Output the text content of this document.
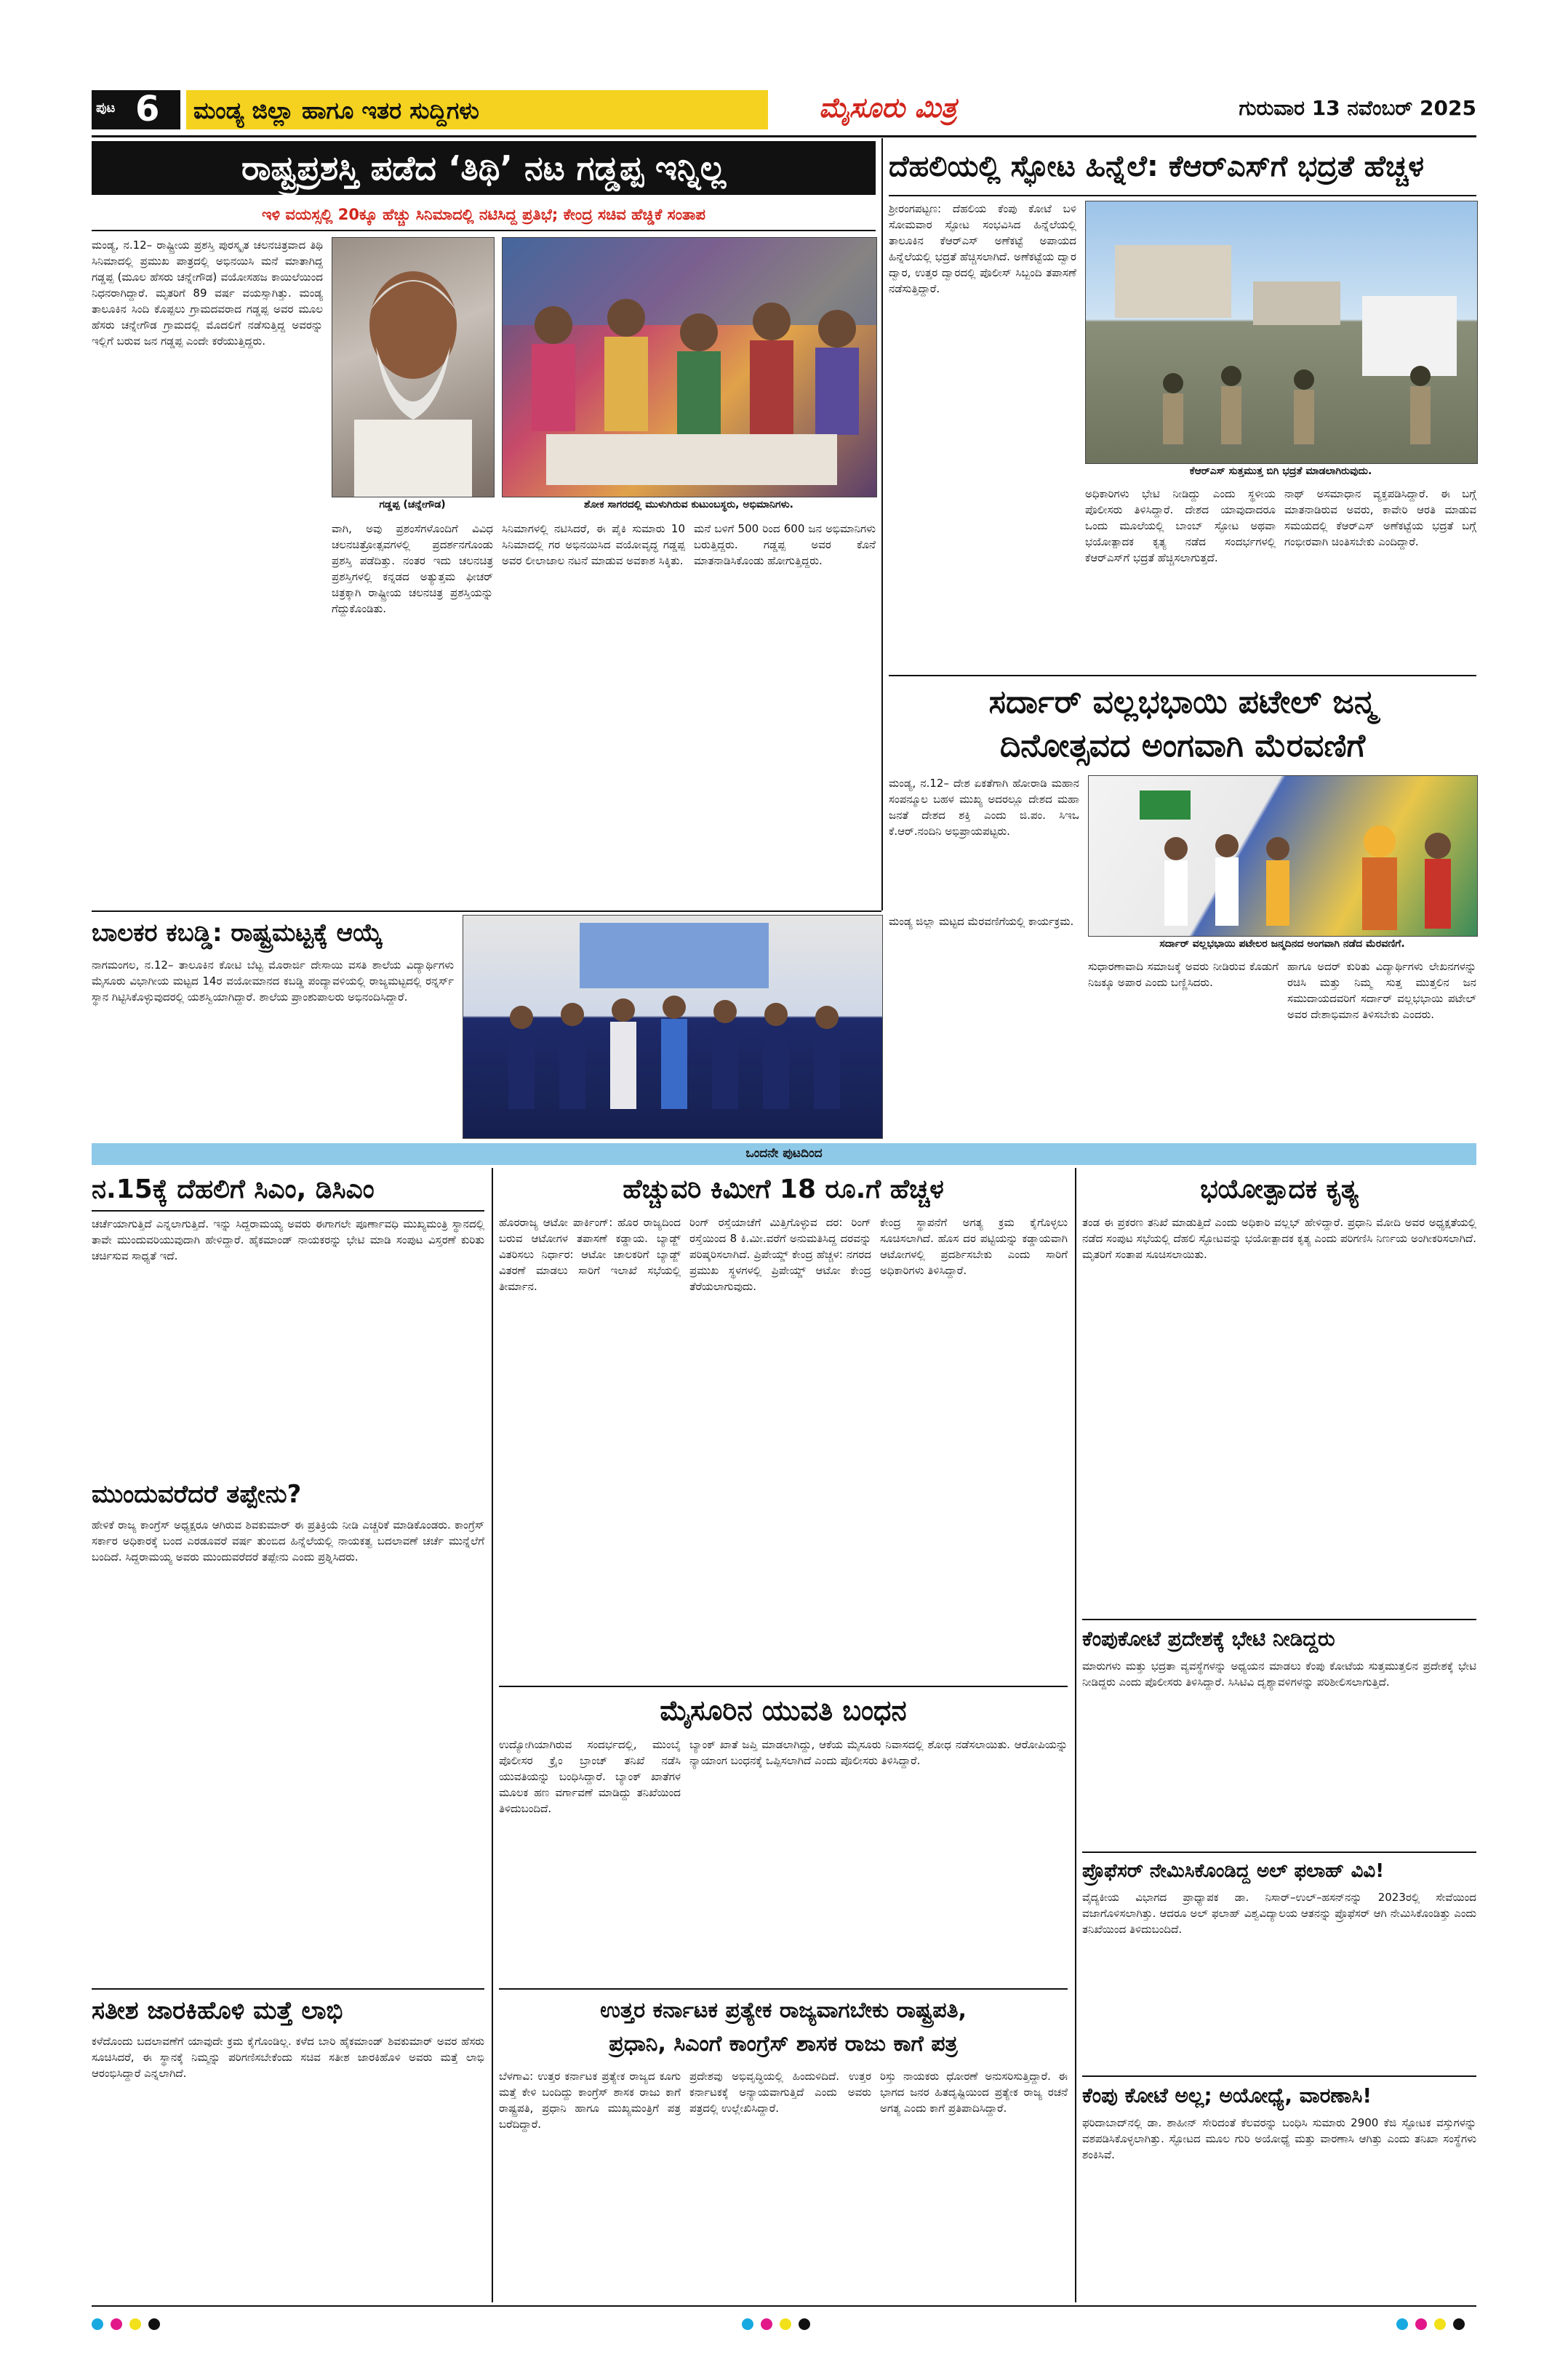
ಪುಟ 6 ಮಂಡ್ಯ ಜಿಲ್ಲಾ ಹಾಗೂ ಇತರ ಸುದ್ದಿಗಳು	ಮೈಸೂರು ಮಿತ್ರ	ಗುರುವಾರ 13 ನವೆಂಬರ್ 2025
ರಾಷ್ಟ್ರಪ್ರಶಸ್ತಿ ಪಡೆದ ‘ತಿಥಿ’ ನಟ ಗಡ್ಡಪ್ಪ ಇನ್ನಿಲ್ಲ
ಇಳಿ ವಯಸ್ಸಲ್ಲಿ 20ಕ್ಕೂ ಹೆಚ್ಚು ಸಿನಿಮಾದಲ್ಲಿ ನಟಿಸಿದ್ದ ಪ್ರತಿಭೆ; ಕೇಂದ್ರ ಸಚಿವ ಹೆಚ್ಡಿಕೆ ಸಂತಾಪ
ಮಂಡ್ಯ, ನ.12– ರಾಷ್ಟ್ರೀಯ ಪ್ರಶಸ್ತಿ ಪುರಸ್ಕೃತ ಚಲನಚಿತ್ರವಾದ ತಿಥಿ ಸಿನಿಮಾದಲ್ಲಿ ಪ್ರಮುಖ ಪಾತ್ರದಲ್ಲಿ ಅಭಿನಯಿಸಿ ಮನೆ ಮಾತಾಗಿದ್ದ ಗಡ್ಡಪ್ಪ (ಮೂಲ ಹೆಸರು ಚನ್ನೇಗೌಡ) ವಯೋಸಹಜ ಕಾಯಿಲೆಯಿಂದ ನಿಧನರಾಗಿದ್ದಾರೆ. ಮೃತರಿಗೆ 89 ವರ್ಷ ವಯಸ್ಸಾಗಿತ್ತು. ಮಂಡ್ಯ ತಾಲೂಕಿನ ಸಿಂದಿ ಕೊಪ್ಪಲು ಗ್ರಾಮದವರಾದ ಗಡ್ಡಪ್ಪ ಅವರ ಮೂಲ ಹೆಸರು ಚನ್ನೇಗೌಡ ಗ್ರಾಮದಲ್ಲಿ ಮೊದಲಿಗೆ ನಡೆಸುತ್ತಿದ್ದ ಅವರನ್ನು ಇಲ್ಲಿಗೆ ಬರುವ ಜನ ಗಡ್ಡಪ್ಪ ಎಂದೇ ಕರೆಯುತ್ತಿದ್ದರು.
ಗಡ್ಡಪ್ಪ (ಚನ್ನೇಗೌಡ)	ಶೋಕ ಸಾಗರದಲ್ಲಿ ಮುಳುಗಿರುವ ಕುಟುಂಬಸ್ಥರು, ಅಭಿಮಾನಿಗಳು.
ವಾಗಿ, ಅವು ಪ್ರಶಂಸೆಗಳೊಂದಿಗೆ ವಿವಿಧ ಚಲನಚಿತ್ರೋತ್ಸವಗಳಲ್ಲಿ ಪ್ರದರ್ಶನಗೊಂಡು ಪ್ರಶಸ್ತಿ ಪಡೆದಿತ್ತು. ನಂತರ ಇದು ಚಲನಚಿತ್ರ ಪ್ರಶಸ್ತಿಗಳಲ್ಲಿ ಕನ್ನಡದ ಅತ್ಯುತ್ತಮ ಫೀಚರ್ ಚಿತ್ರಕ್ಕಾಗಿ ರಾಷ್ಟ್ರೀಯ ಚಲನಚಿತ್ರ ಪ್ರಶಸ್ತಿಯನ್ನು ಗೆದ್ದುಕೊಂಡಿತು.
ಸಿನಿಮಾಗಳಲ್ಲಿ ನಟಿಸಿದರೆ, ಈ ಪೈಕಿ ಸುಮಾರು 10 ಸಿನಿಮಾದಲ್ಲಿ ಗರ ಅಭಿನಯಿಸಿದ ವಯೋವೃದ್ಧ ಗಡ್ಡಪ್ಪ ಅವರ ಲೀಲಾಜಾಲ ನಟನೆ ಮಾಡುವ ಅವಕಾಶ ಸಿಕ್ಕಿತು.
ಮನೆ ಬಳಿಗೆ 500 ರಿಂದ 600 ಜನ ಅಭಿಮಾನಿಗಳು ಬರುತ್ತಿದ್ದರು. ಗಡ್ಡಪ್ಪ ಅವರ ಕೊನೆ ಮಾತನಾಡಿಸಿಕೊಂಡು ಹೋಗುತ್ತಿದ್ದರು.
ದೆಹಲಿಯಲ್ಲಿ ಸ್ಫೋಟ ಹಿನ್ನೆಲೆ: ಕೆಆರ್‌ಎಸ್‌ಗೆ ಭದ್ರತೆ ಹೆಚ್ಚಳ
ಶ್ರೀರಂಗಪಟ್ಟಣ: ದೆಹಲಿಯ ಕೆಂಪು ಕೋಟೆ ಬಳಿ ಸೋಮವಾರ ಸ್ಫೋಟ ಸಂಭವಿಸಿದ ಹಿನ್ನೆಲೆಯಲ್ಲಿ ತಾಲೂಕಿನ ಕೆಆರ್‌ಎಸ್ ಅಣೆಕಟ್ಟೆ ಅಪಾಯದ ಹಿನ್ನೆಲೆಯಲ್ಲಿ ಭದ್ರತೆ ಹೆಚ್ಚಿಸಲಾಗಿದೆ. ಅಣೆಕಟ್ಟೆಯ ದ್ವಾರ ದ್ವಾರ, ಉತ್ತರ ದ್ವಾರದಲ್ಲಿ ಪೊಲೀಸ್ ಸಿಬ್ಬಂದಿ ತಪಾಸಣೆ ನಡೆಸುತ್ತಿದ್ದಾರೆ.
ಕೆಆರ್‌ಎಸ್ ಸುತ್ತಮುತ್ತ ಬಿಗಿ ಭದ್ರತೆ ಮಾಡಲಾಗಿರುವುದು.
ಅಧಿಕಾರಿಗಳು ಭೇಟಿ ನೀಡಿದ್ದು ಎಂದು ಸ್ಥಳೀಯ ಪೊಲೀಸರು ತಿಳಿಸಿದ್ದಾರೆ. ದೇಶದ ಯಾವುದಾದರೂ ಒಂದು ಮೂಲೆಯಲ್ಲಿ ಬಾಂಬ್ ಸ್ಫೋಟ ಅಥವಾ ಭಯೋತ್ಪಾದಕ ಕೃತ್ಯ ನಡೆದ ಸಂದರ್ಭಗಳಲ್ಲಿ ಕೆಆರ್‌ಎಸ್‌ಗೆ ಭದ್ರತೆ ಹೆಚ್ಚಿಸಲಾಗುತ್ತದೆ.
ನಾಥ್ ಅಸಮಾಧಾನ ವ್ಯಕ್ತಪಡಿಸಿದ್ದಾರೆ. ಈ ಬಗ್ಗೆ ಮಾತನಾಡಿರುವ ಅವರು, ಕಾವೇರಿ ಆರತಿ ಮಾಡುವ ಸಮಯದಲ್ಲಿ ಕೆಆರ್‌ಎಸ್ ಅಣೆಕಟ್ಟೆಯ ಭದ್ರತೆ ಬಗ್ಗೆ ಗಂಭೀರವಾಗಿ ಚಿಂತಿಸಬೇಕು ಎಂದಿದ್ದಾರೆ.
ಸರ್ದಾರ್ ವಲ್ಲಭಭಾಯಿ ಪಟೇಲ್ ಜನ್ಮ
ದಿನೋತ್ಸವದ ಅಂಗವಾಗಿ ಮೆರವಣಿಗೆ
ಮಂಡ್ಯ, ನ.12– ದೇಶ ಏಕತೆಗಾಗಿ ಹೋರಾಡಿ ಮಹಾನ ಸಂಪನ್ಮೂಲ ಬಹಳ ಮುಖ್ಯ ಅದರಲ್ಲೂ ದೇಶದ ಮಹಾ ಜನತೆ ದೇಶದ ಶಕ್ತಿ ಎಂದು ಜಿ.ಪಂ. ಸಿಇಒ ಕೆ.ಆರ್.ನಂದಿನಿ ಅಭಿಪ್ರಾಯಪಟ್ಟರು.
ಸರ್ದಾರ್ ವಲ್ಲಭಭಾಯಿ ಪಟೇಲರ ಜನ್ಮದಿನದ ಅಂಗವಾಗಿ ನಡೆದ ಮೆರವಣಿಗೆ.
ಮಂಡ್ಯ ಜಿಲ್ಲಾ ಮಟ್ಟದ ಮೆರವಣಿಗೆಯಲ್ಲಿ ಕಾರ್ಯಕ್ರಮ.
ಸುಧಾರಣಾವಾದಿ ಸಮಾಜಕ್ಕೆ ಅವರು ನೀಡಿರುವ ಕೊಡುಗೆ ನಿಜಕ್ಕೂ ಅಪಾರ ಎಂದು ಬಣ್ಣಿಸಿದರು.
ಹಾಗೂ ಅದರ್ ಕುರಿತು ವಿದ್ಯಾರ್ಥಿಗಳು ಲೇಖನಗಳನ್ನು ರಚಿಸಿ ಮತ್ತು ನಿಮ್ಮ ಸುತ್ತ ಮುತ್ತಲಿನ ಜನ ಸಮುದಾಯದವರಿಗೆ ಸರ್ದಾರ್ ವಲ್ಲಭಭಾಯಿ ಪಟೇಲ್ ಅವರ ದೇಶಾಭಿಮಾನ ತಿಳಿಸಬೇಕು ಎಂದರು.
ಬಾಲಕರ ಕಬಡ್ಡಿ: ರಾಷ್ಟ್ರಮಟ್ಟಕ್ಕೆ ಆಯ್ಕೆ
ನಾಗಮಂಗಲ, ನ.12– ತಾಲೂಕಿನ ಕೋಟಿ ಬೆಟ್ಟ ಮೊರಾರ್ಜಿ ದೇಸಾಯಿ ವಸತಿ ಶಾಲೆಯ ವಿದ್ಯಾರ್ಥಿಗಳು ಮೈಸೂರು ವಿಭಾಗೀಯ ಮಟ್ಟದ 14ರ ವಯೋಮಾನದ ಕಬಡ್ಡಿ ಪಂದ್ಯಾವಳಿಯಲ್ಲಿ ರಾಜ್ಯಮಟ್ಟದಲ್ಲಿ ರನ್ನರ್ಸ್ ಸ್ಥಾನ ಗಿಟ್ಟಿಸಿಕೊಳ್ಳುವುದರಲ್ಲಿ ಯಶಸ್ವಿಯಾಗಿದ್ದಾರೆ. ಶಾಲೆಯ ಪ್ರಾಂಶುಪಾಲರು ಅಭಿನಂದಿಸಿದ್ದಾರೆ.
ಒಂದನೇ ಪುಟದಿಂದ
ನ.15ಕ್ಕೆ ದೆಹಲಿಗೆ ಸಿಎಂ, ಡಿಸಿಎಂ
ಚರ್ಚೆಯಾಗುತ್ತಿದೆ ಎನ್ನಲಾಗುತ್ತಿದೆ. ಇನ್ನು ಸಿದ್ದರಾಮಯ್ಯ ಅವರು ಈಗಾಗಲೇ ಪೂರ್ಣಾವಧಿ ಮುಖ್ಯಮಂತ್ರಿ ಸ್ಥಾನದಲ್ಲಿ ತಾವೇ ಮುಂದುವರಿಯುವುದಾಗಿ ಹೇಳಿದ್ದಾರೆ. ಹೈಕಮಾಂಡ್ ನಾಯಕರನ್ನು ಭೇಟಿ ಮಾಡಿ ಸಂಪುಟ ವಿಸ್ತರಣೆ ಕುರಿತು ಚರ್ಚಿಸುವ ಸಾಧ್ಯತೆ ಇದೆ.
ಮುಂದುವರೆದರೆ ತಪ್ಪೇನು?
ಹೇಳಿಕೆ ರಾಜ್ಯ ಕಾಂಗ್ರೆಸ್ ಅಧ್ಯಕ್ಷರೂ ಆಗಿರುವ ಶಿವಕುಮಾರ್ ಈ ಪ್ರತಿಕ್ರಿಯೆ ನೀಡಿ ಎಚ್ಚರಿಕೆ ಮಾಡಿಕೊಂಡರು. ಕಾಂಗ್ರೆಸ್ ಸರ್ಕಾರ ಅಧಿಕಾರಕ್ಕೆ ಬಂದ ಎರಡೂವರೆ ವರ್ಷ ತುಂಬಿದ ಹಿನ್ನೆಲೆಯಲ್ಲಿ ನಾಯಕತ್ವ ಬದಲಾವಣೆ ಚರ್ಚೆ ಮುನ್ನೆಲೆಗೆ ಬಂದಿದೆ. ಸಿದ್ದರಾಮಯ್ಯ ಅವರು ಮುಂದುವರೆದರೆ ತಪ್ಪೇನು ಎಂದು ಪ್ರಶ್ನಿಸಿದರು.
ಸತೀಶ ಜಾರಕಿಹೊಳಿ ಮತ್ತೆ ಲಾಭಿ
ಕಳೆದೊಂದು ಬದಲಾವಣೆಗೆ ಯಾವುದೇ ಕ್ರಮ ಕೈಗೊಂಡಿಲ್ಲ. ಕಳೆದ ಬಾರಿ ಹೈಕಮಾಂಡ್ ಶಿವಕುಮಾರ್ ಅವರ ಹೆಸರು ಸೂಚಿಸಿದರೆ, ಈ ಸ್ಥಾನಕ್ಕೆ ನಿಮ್ಮನ್ನು ಪರಿಗಣಿಸಬೇಕೆಂದು ಸಚಿವ ಸತೀಶ ಜಾರಕಿಹೊಳಿ ಅವರು ಮತ್ತೆ ಲಾಭಿ ಆರಂಭಿಸಿದ್ದಾರೆ ಎನ್ನಲಾಗಿದೆ.
ಹೆಚ್ಚುವರಿ ಕಿಮೀಗೆ 18 ರೂ.ಗೆ ಹೆಚ್ಚಳ
ಹೊರರಾಜ್ಯ ಆಟೋ ಪಾರ್ಕಿಂಗ್: ಹೊರ ರಾಜ್ಯದಿಂದ ಬರುವ ಆಟೋಗಳ ತಪಾಸಣೆ ಕಡ್ಡಾಯ. ಬ್ಯಾಡ್ಜ್ ವಿತರಿಸಲು ನಿರ್ಧಾರ: ಆಟೋ ಚಾಲಕರಿಗೆ ಬ್ಯಾಡ್ಜ್ ವಿತರಣೆ ಮಾಡಲು ಸಾರಿಗೆ ಇಲಾಖೆ ಸಭೆಯಲ್ಲಿ ತೀರ್ಮಾನ.
ರಿಂಗ್ ರಸ್ತೆಯಾಚೆಗೆ ಮಿತ್ತಿಗೊಳ್ಳುವ ದರ: ರಿಂಗ್ ರಸ್ತೆಯಿಂದ 8 ಕಿ.ಮೀ.ವರೆಗೆ ಅನುಮತಿಸಿದ್ದ ದರವನ್ನು ಪರಿಷ್ಕರಿಸಲಾಗಿದೆ. ಪ್ರಿಪೇಯ್ಡ್ ಕೇಂದ್ರ ಹೆಚ್ಚಳ: ನಗರದ ಪ್ರಮುಖ ಸ್ಥಳಗಳಲ್ಲಿ ಪ್ರಿಪೇಯ್ಡ್ ಆಟೋ ಕೇಂದ್ರ ತೆರೆಯಲಾಗುವುದು.
ಕೇಂದ್ರ ಸ್ಥಾಪನೆಗೆ ಅಗತ್ಯ ಕ್ರಮ ಕೈಗೊಳ್ಳಲು ಸೂಚಿಸಲಾಗಿದೆ. ಹೊಸ ದರ ಪಟ್ಟಿಯನ್ನು ಕಡ್ಡಾಯವಾಗಿ ಆಟೋಗಳಲ್ಲಿ ಪ್ರದರ್ಶಿಸಬೇಕು ಎಂದು ಸಾರಿಗೆ ಅಧಿಕಾರಿಗಳು ತಿಳಿಸಿದ್ದಾರೆ.
ಮೈಸೂರಿನ ಯುವತಿ ಬಂಧನ
ಉದ್ಯೋಗಿಯಾಗಿರುವ ಸಂದರ್ಭದಲ್ಲಿ, ಮುಂಬೈ ಪೊಲೀಸರ ಕ್ರೈಂ ಬ್ರಾಂಚ್ ತನಿಖೆ ನಡೆಸಿ ಯುವತಿಯನ್ನು ಬಂಧಿಸಿದ್ದಾರೆ. ಬ್ಯಾಂಕ್ ಖಾತೆಗಳ ಮೂಲಕ ಹಣ ವರ್ಗಾವಣೆ ಮಾಡಿದ್ದು ತನಿಖೆಯಿಂದ ತಿಳಿದುಬಂದಿದೆ.
ಬ್ಯಾಂಕ್ ಖಾತೆ ಜಪ್ತಿ ಮಾಡಲಾಗಿದ್ದು, ಆಕೆಯ ಮೈಸೂರು ನಿವಾಸದಲ್ಲಿ ಶೋಧ ನಡೆಸಲಾಯಿತು. ಆರೋಪಿಯನ್ನು ನ್ಯಾಯಾಂಗ ಬಂಧನಕ್ಕೆ ಒಪ್ಪಿಸಲಾಗಿದೆ ಎಂದು ಪೊಲೀಸರು ತಿಳಿಸಿದ್ದಾರೆ.
ಉತ್ತರ ಕರ್ನಾಟಕ ಪ್ರತ್ಯೇಕ ರಾಜ್ಯವಾಗಬೇಕು ರಾಷ್ಟ್ರಪತಿ,
ಪ್ರಧಾನಿ, ಸಿಎಂಗೆ ಕಾಂಗ್ರೆಸ್ ಶಾಸಕ ರಾಜು ಕಾಗೆ ಪತ್ರ
ಬೆಳಗಾವಿ: ಉತ್ತರ ಕರ್ನಾಟಕ ಪ್ರತ್ಯೇಕ ರಾಜ್ಯದ ಕೂಗು ಮತ್ತೆ ಕೇಳಿ ಬಂದಿದ್ದು ಕಾಂಗ್ರೆಸ್ ಶಾಸಕ ರಾಜು ಕಾಗೆ ರಾಷ್ಟ್ರಪತಿ, ಪ್ರಧಾನಿ ಹಾಗೂ ಮುಖ್ಯಮಂತ್ರಿಗೆ ಪತ್ರ ಬರೆದಿದ್ದಾರೆ.
ಪ್ರದೇಶವು ಅಭಿವೃದ್ಧಿಯಲ್ಲಿ ಹಿಂದುಳಿದಿದೆ. ಉತ್ತರ ಕರ್ನಾಟಕಕ್ಕೆ ಅನ್ಯಾಯವಾಗುತ್ತಿದೆ ಎಂದು ಅವರು ಪತ್ರದಲ್ಲಿ ಉಲ್ಲೇಖಿಸಿದ್ದಾರೆ.
ರಿಸ್ತು ನಾಯಕರು ಧೋರಣೆ ಅನುಸರಿಸುತ್ತಿದ್ದಾರೆ. ಈ ಭಾಗದ ಜನರ ಹಿತದೃಷ್ಟಿಯಿಂದ ಪ್ರತ್ಯೇಕ ರಾಜ್ಯ ರಚನೆ ಅಗತ್ಯ ಎಂದು ಕಾಗೆ ಪ್ರತಿಪಾದಿಸಿದ್ದಾರೆ.
ಭಯೋತ್ಪಾದಕ ಕೃತ್ಯ
ತಂಡ ಈ ಪ್ರಕರಣ ತನಿಖೆ ಮಾಡುತ್ತಿದೆ ಎಂದು ಅಧಿಕಾರಿ ವಲ್ಲಭ್ ಹೇಳಿದ್ದಾರೆ. ಪ್ರಧಾನಿ ಮೋದಿ ಅವರ ಅಧ್ಯಕ್ಷತೆಯಲ್ಲಿ ನಡೆದ ಸಂಪುಟ ಸಭೆಯಲ್ಲಿ ದೆಹಲಿ ಸ್ಫೋಟವನ್ನು ಭಯೋತ್ಪಾದಕ ಕೃತ್ಯ ಎಂದು ಪರಿಗಣಿಸಿ ನಿರ್ಣಯ ಅಂಗೀಕರಿಸಲಾಗಿದೆ. ಮೃತರಿಗೆ ಸಂತಾಪ ಸೂಚಿಸಲಾಯಿತು.
ಕೆಂಪುಕೋಟೆ ಪ್ರದೇಶಕ್ಕೆ ಭೇಟಿ ನೀಡಿದ್ದರು
ಮಾರುಗಳು ಮತ್ತು ಭದ್ರತಾ ವ್ಯವಸ್ಥೆಗಳನ್ನು ಅಧ್ಯಯನ ಮಾಡಲು ಕೆಂಪು ಕೋಟೆಯ ಸುತ್ತಮುತ್ತಲಿನ ಪ್ರದೇಶಕ್ಕೆ ಭೇಟಿ ನೀಡಿದ್ದರು ಎಂದು ಪೊಲೀಸರು ತಿಳಿಸಿದ್ದಾರೆ. ಸಿಸಿಟಿವಿ ದೃಶ್ಯಾವಳಿಗಳನ್ನು ಪರಿಶೀಲಿಸಲಾಗುತ್ತಿದೆ.
ಪ್ರೊಫೆಸರ್ ನೇಮಿಸಿಕೊಂಡಿದ್ದ ಅಲ್ ಫಲಾಹ್ ವಿವಿ!
ವೈದ್ಯಕೀಯ ವಿಭಾಗದ ಪ್ರಾಧ್ಯಾಪಕ ಡಾ. ನಿಸಾರ್–ಉಲ್–ಹಸನ್‌ನನ್ನು 2023ರಲ್ಲಿ ಸೇವೆಯಿಂದ ವಜಾಗೊಳಿಸಲಾಗಿತ್ತು. ಆದರೂ ಅಲ್ ಫಲಾಹ್ ವಿಶ್ವವಿದ್ಯಾಲಯ ಆತನನ್ನು ಪ್ರೊಫೆಸರ್ ಆಗಿ ನೇಮಿಸಿಕೊಂಡಿತ್ತು ಎಂದು ತನಿಖೆಯಿಂದ ತಿಳಿದುಬಂದಿದೆ.
ಕೆಂಪು ಕೋಟೆ ಅಲ್ಲ; ಅಯೋಧ್ಯೆ, ವಾರಣಾಸಿ!
ಫರಿದಾಬಾದ್‌ನಲ್ಲಿ ಡಾ. ಶಾಹೀನ್ ಸೇರಿದಂತೆ ಕೆಲವರನ್ನು ಬಂಧಿಸಿ ಸುಮಾರು 2900 ಕೆಜಿ ಸ್ಫೋಟಕ ವಸ್ತುಗಳನ್ನು ವಶಪಡಿಸಿಕೊಳ್ಳಲಾಗಿತ್ತು. ಸ್ಫೋಟದ ಮೂಲ ಗುರಿ ಅಯೋಧ್ಯೆ ಮತ್ತು ವಾರಣಾಸಿ ಆಗಿತ್ತು ಎಂದು ತನಿಖಾ ಸಂಸ್ಥೆಗಳು ಶಂಕಿಸಿವೆ.
